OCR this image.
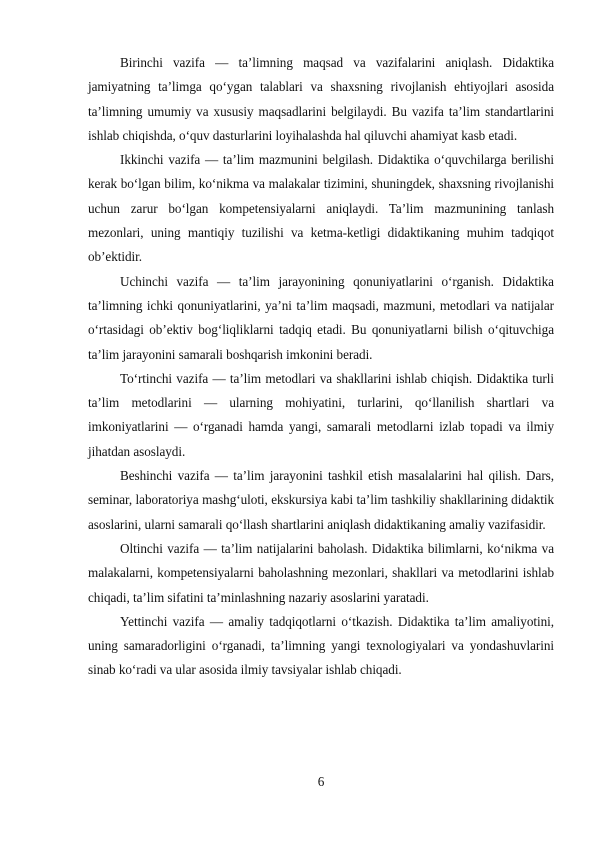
Birinchi vazifa — ta’limning maqsad va vazifalarini aniqlash. Didaktika jamiyatning ta’limga qo‘ygan talablari va shaxsning rivojlanish ehtiyojlari asosida ta’limning umumiy va xususiy maqsadlarini belgilaydi. Bu vazifa ta’lim standartlarini ishlab chiqishda, o‘quv dasturlarini loyihalashda hal qiluvchi ahamiyat kasb etadi.

Ikkinchi vazifa — ta’lim mazmunini belgilash. Didaktika o‘quvchilarga berilishi kerak bo‘lgan bilim, ko‘nikma va malakalar tizimini, shuningdek, shaxsning rivojlanishi uchun zarur bo‘lgan kompetensiyalarni aniqlaydi. Ta’lim mazmunining tanlash mezonlari, uning mantiqiy tuzilishi va ketma-ketligi didaktikaning muhim tadqiqot ob’ektidir.

Uchinchi vazifa — ta’lim jarayonining qonuniyatlarini o‘rganish. Didaktika ta’limning ichki qonuniyatlarini, ya’ni ta’lim maqsadi, mazmuni, metodlari va natijalar o‘rtasidagi ob’ektiv bog‘liqliklarni tadqiq etadi. Bu qonuniyatlarni bilish o‘qituvchiga ta’lim jarayonini samarali boshqarish imkonini beradi.

To‘rtinchi vazifa — ta’lim metodlari va shakllarini ishlab chiqish. Didaktika turli ta’lim metodlarini — ularning mohiyatini, turlarini, qo‘llanilish shartlari va imkoniyatlarini — o‘rganadi hamda yangi, samarali metodlarni izlab topadi va ilmiy jihatdan asoslaydi.

Beshinchi vazifa — ta’lim jarayonini tashkil etish masalalarini hal qilish. Dars, seminar, laboratoriya mashg‘uloti, ekskursiya kabi ta’lim tashkiliy shakllarining didaktik asoslarini, ularni samarali qo‘llash shartlarini aniqlash didaktikaning amaliy vazifasidir.

Oltinchi vazifa — ta’lim natijalarini baholash. Didaktika bilimlarni, ko‘nikma va malakalarni, kompetensiyalarni baholashning mezonlari, shakllari va metodlarini ishlab chiqadi, ta’lim sifatini ta’minlashning nazariy asoslarini yaratadi.

Yettinchi vazifa — amaliy tadqiqotlarni o‘tkazish. Didaktika ta’lim amaliyotini, uning samaradorligini o‘rganadi, ta’limning yangi texnologiyalari va yondashuvlarini sinab ko‘radi va ular asosida ilmiy tavsiyalar ishlab chiqadi.

6
